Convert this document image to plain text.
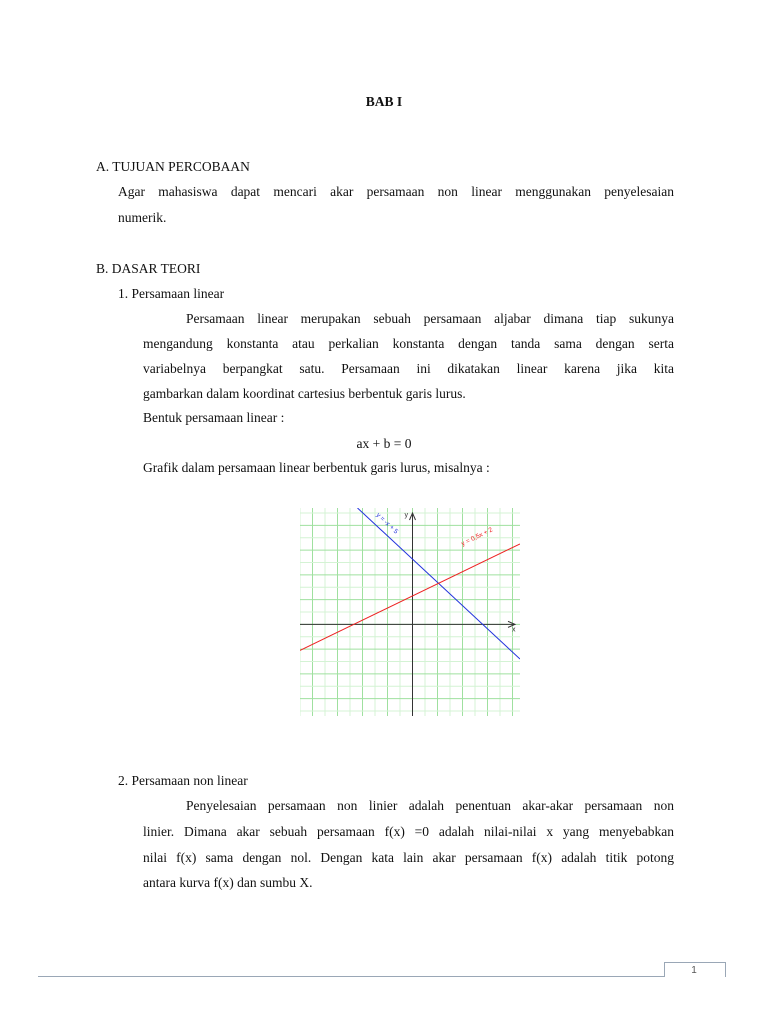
BAB I
A. TUJUAN PERCOBAAN
Agar mahasiswa dapat mencari akar persamaan non linear menggunakan penyelesaian
numerik.
B. DASAR TEORI
1. Persamaan linear
Persamaan linear merupakan sebuah persamaan aljabar dimana tiap sukunya
mengandung konstanta atau perkalian konstanta dengan tanda sama dengan serta
variabelnya berpangkat satu. Persamaan ini dikatakan linear karena jika kita
gambarkan dalam koordinat cartesius berbentuk garis lurus.
Bentuk persamaan linear :
ax + b = 0
Grafik dalam persamaan linear berbentuk garis lurus, misalnya :
x
y
y = -x + 5
y = 0,5x + 2
2. Persamaan non linear
Penyelesaian persamaan non linier adalah penentuan akar-akar persamaan non
linier. Dimana akar sebuah persamaan f(x) =0 adalah nilai-nilai x yang menyebabkan
nilai f(x) sama dengan nol. Dengan kata lain akar persamaan f(x) adalah titik potong
antara kurva f(x) dan sumbu X.
1
